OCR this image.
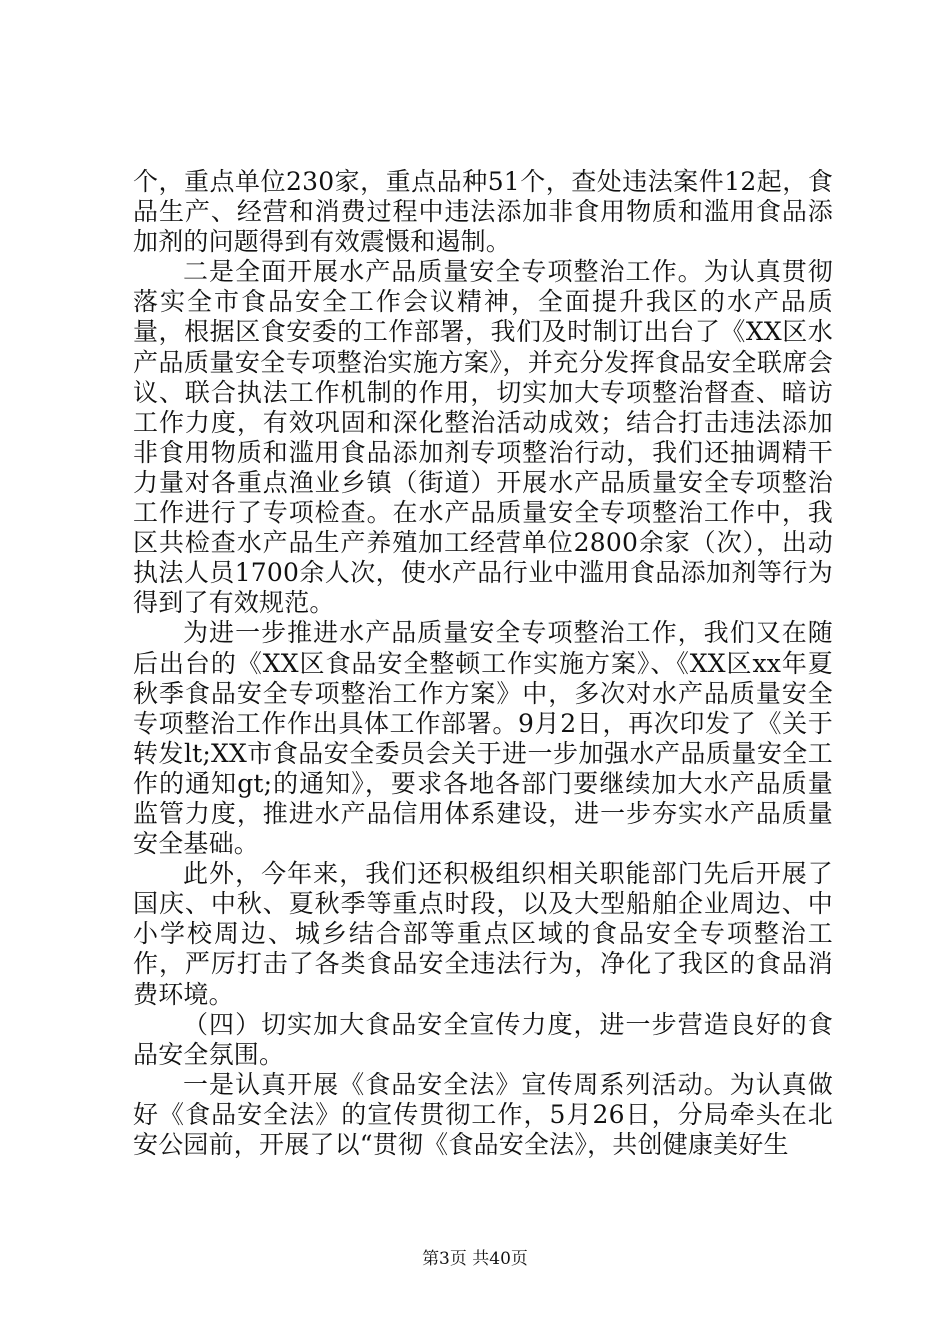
个，重点单位230家，重点品种51个，查处违法案件12起，食品生产、经营和消费过程中违法添加非食用物质和滥用食品添加剂的问题得到有效震慑和遏制。

二是全面开展水产品质量安全专项整治工作。为认真贯彻落实全市食品安全工作会议精神，全面提升我区的水产品质量，根据区食安委的工作部署，我们及时制订出台了《XX区水产品质量安全专项整治实施方案》，并充分发挥食品安全联席会议、联合执法工作机制的作用，切实加大专项整治督查、暗访工作力度，有效巩固和深化整治活动成效；结合打击违法添加非食用物质和滥用食品添加剂专项整治行动，我们还抽调精干力量对各重点渔业乡镇（街道）开展水产品质量安全专项整治工作进行了专项检查。在水产品质量安全专项整治工作中，我区共检查水产品生产养殖加工经营单位2800余家（次），出动执法人员1700余人次，使水产品行业中滥用食品添加剂等行为得到了有效规范。

为进一步推进水产品质量安全专项整治工作，我们又在随后出台的《XX区食品安全整顿工作实施方案》、《XX区xx年夏秋季食品安全专项整治工作方案》中，多次对水产品质量安全专项整治工作作出具体工作部署。9月2日，再次印发了《关于转发lt;XX市食品安全委员会关于进一步加强水产品质量安全工作的通知gt;的通知》，要求各地各部门要继续加大水产品质量监管力度，推进水产品信用体系建设，进一步夯实水产品质量安全基础。

此外，今年来，我们还积极组织相关职能部门先后开展了国庆、中秋、夏秋季等重点时段，以及大型船舶企业周边、中小学校周边、城乡结合部等重点区域的食品安全专项整治工作，严厉打击了各类食品安全违法行为，净化了我区的食品消费环境。

（四）切实加大食品安全宣传力度，进一步营造良好的食品安全氛围。

一是认真开展《食品安全法》宣传周系列活动。为认真做好《食品安全法》的宣传贯彻工作，5月26日，分局牵头在北安公园前，开展了以“贯彻《食品安全法》，共创健康美好生

第3页 共40页
